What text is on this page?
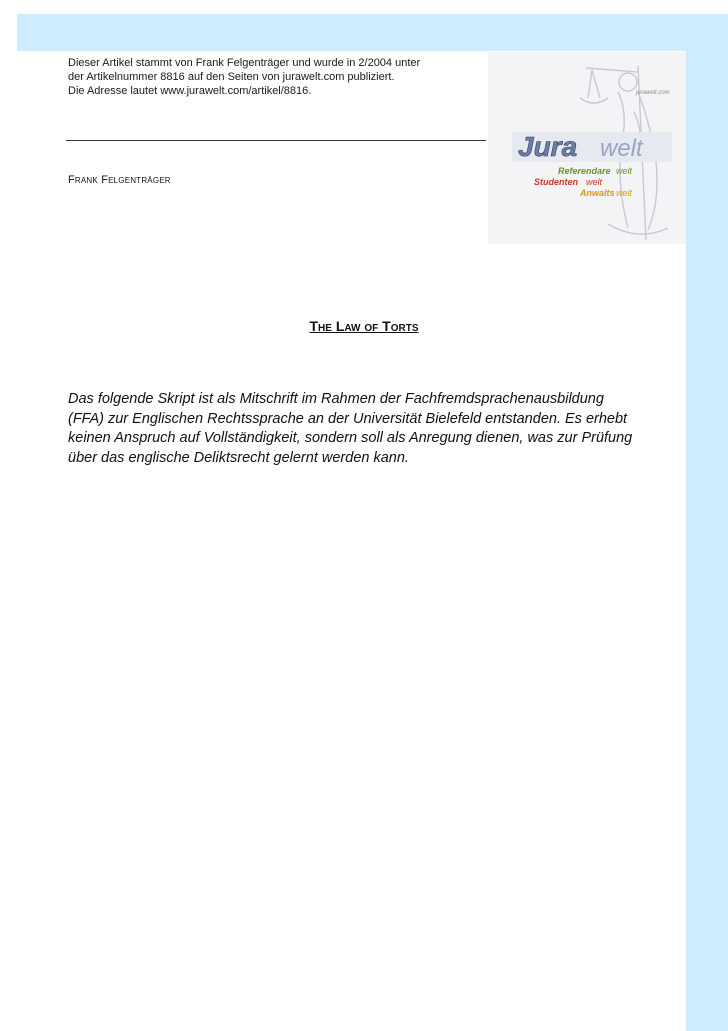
Dieser Artikel stammt von Frank Felgenträger und wurde in 2/2004 unter
der Artikelnummer 8816 auf den Seiten von jurawelt.com publiziert.
Die Adresse lautet www.jurawelt.com/artikel/8816.	jurawelt.com
Jura welt
Referendare welt
Studenten welt
Anwalts welt

Frank Felgenträger

The Law of Torts

Das folgende Skript ist als Mitschrift im Rahmen der Fachfremdsprachenausbildung (FFA) zur Englischen Rechtssprache an der Universität Bielefeld entstanden. Es erhebt keinen Anspruch auf Vollständigkeit, sondern soll als Anregung dienen, was zur Prüfung über das englische Deliktsrecht gelernt werden kann.
